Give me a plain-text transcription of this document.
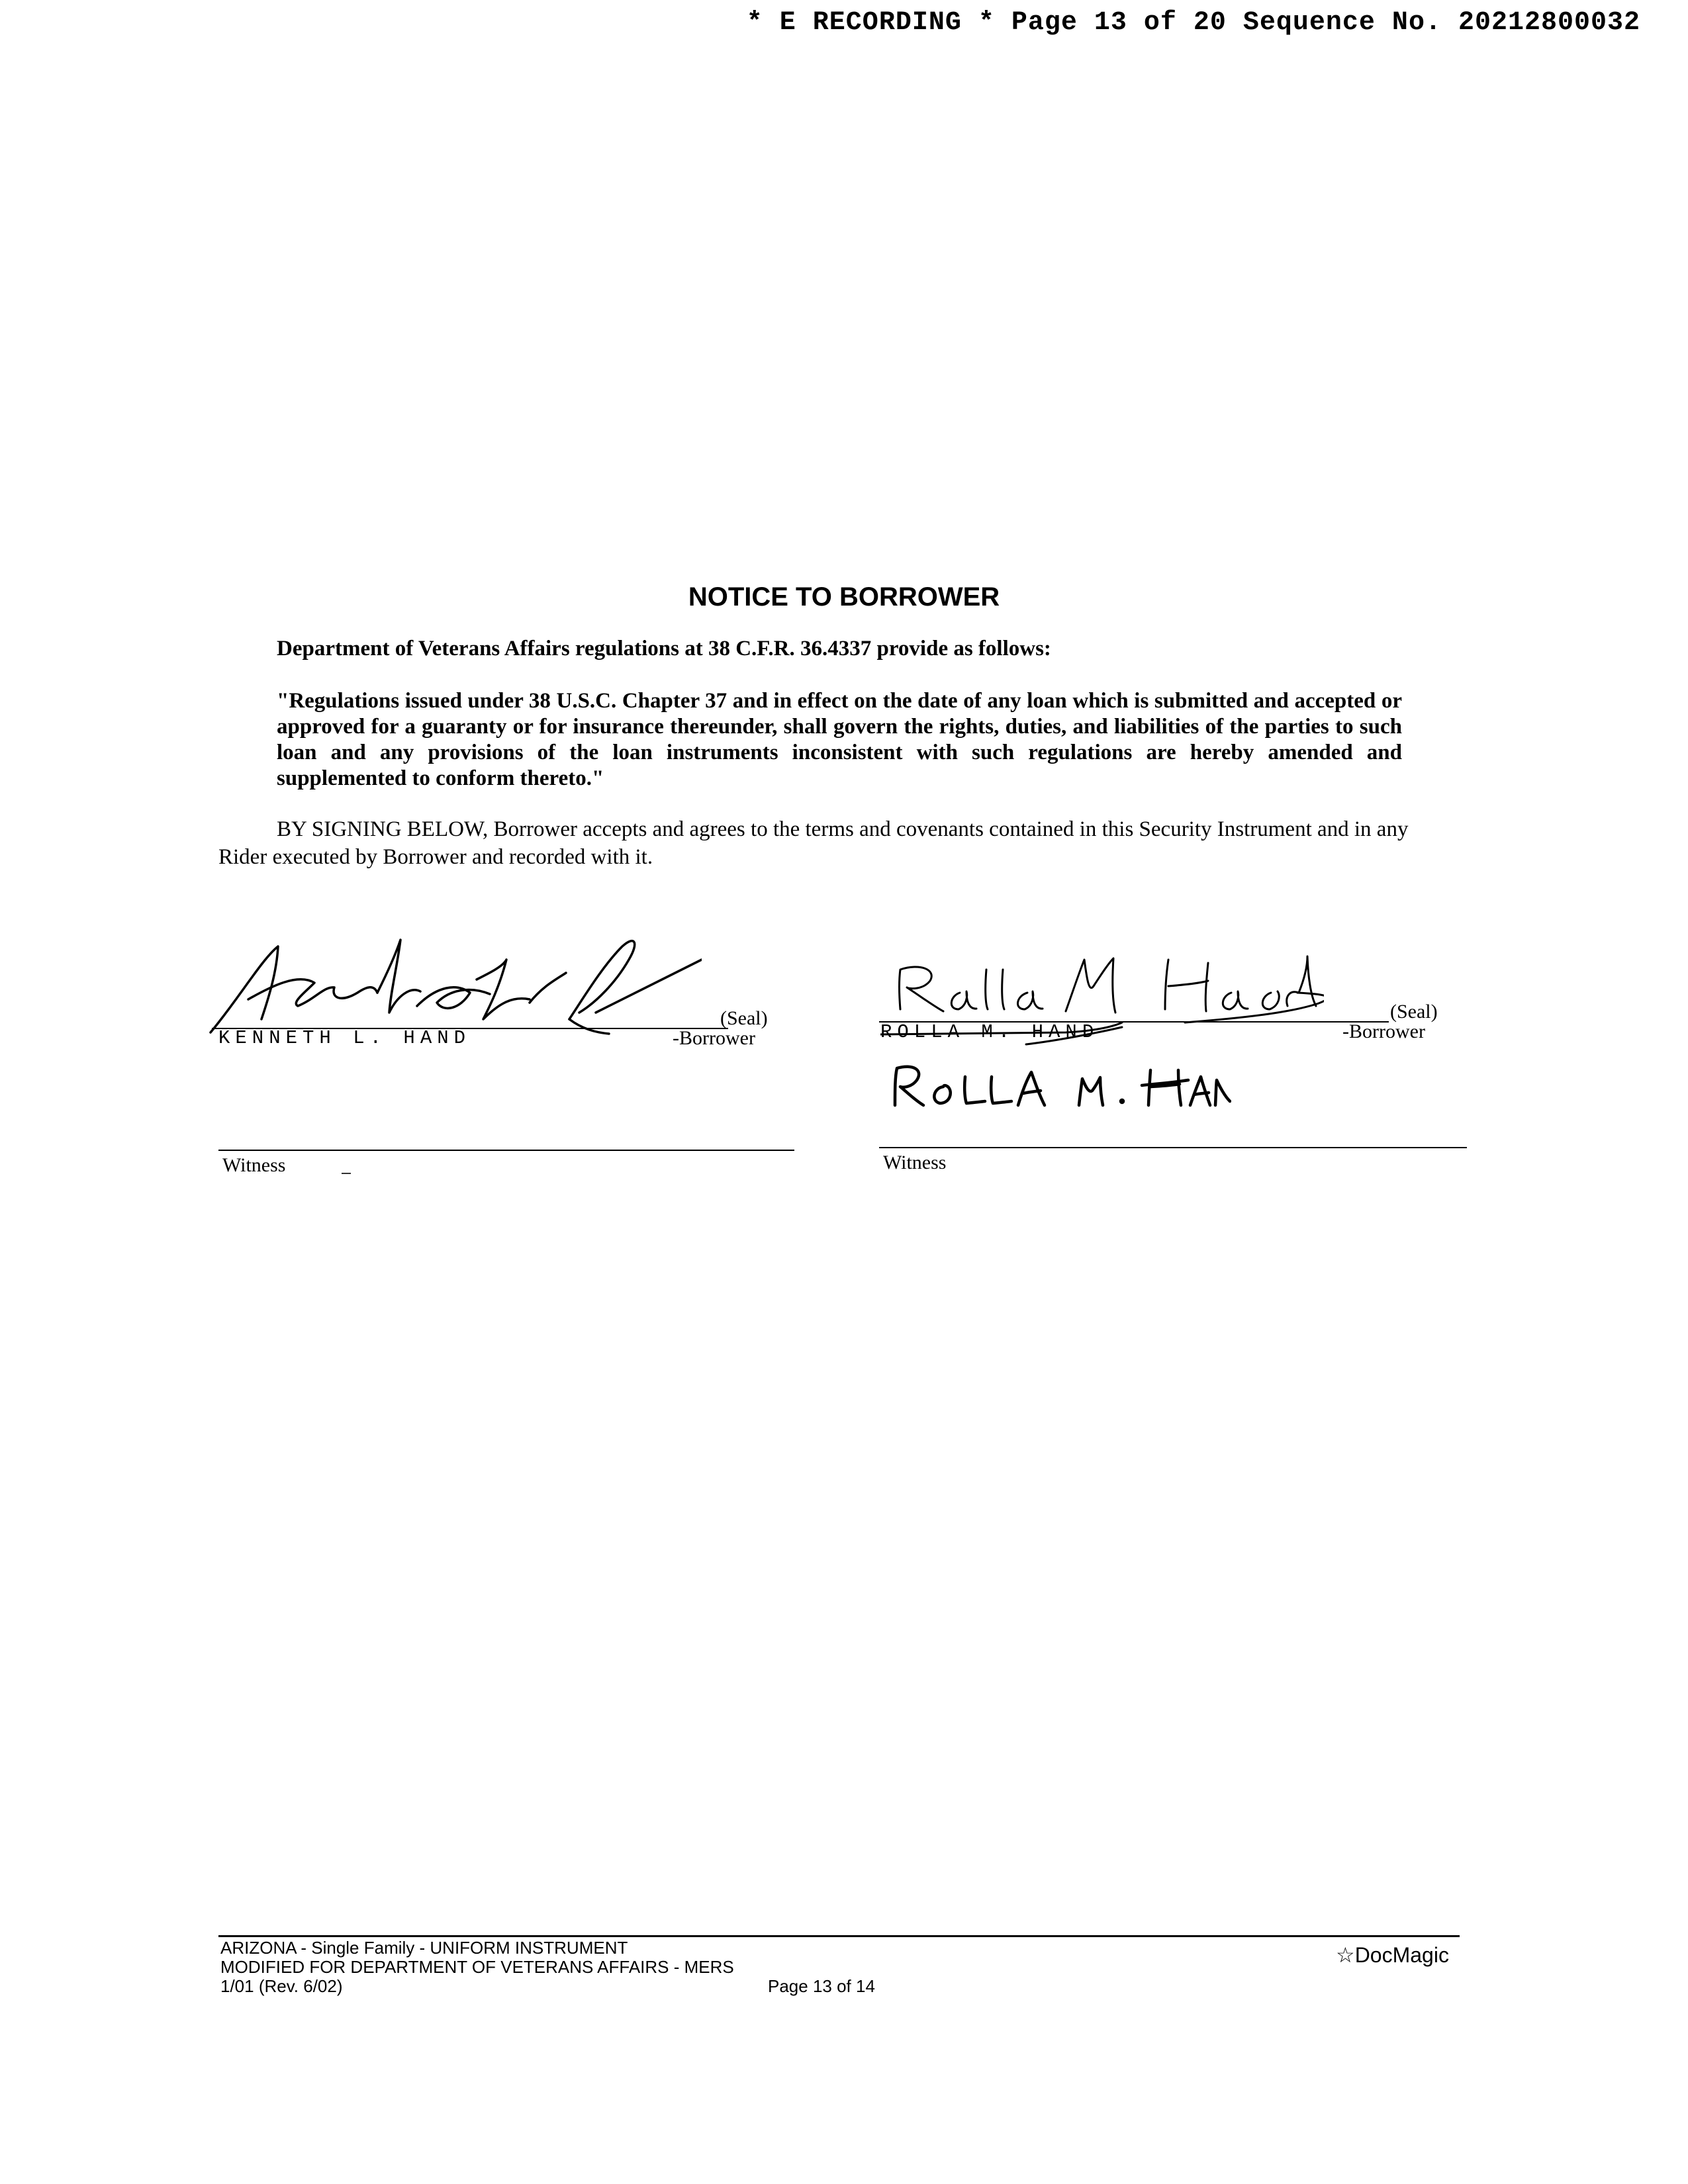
* E RECORDING * Page 13 of 20 Sequence No. 20212800032
NOTICE TO BORROWER
Department of Veterans Affairs regulations at 38 C.F.R. 36.4337 provide as follows:
"Regulations issued under 38 U.S.C. Chapter 37 and in effect on the date of any loan which is submitted and accepted or approved for a guaranty or for insurance thereunder, shall govern the rights, duties, and liabilities of the parties to such loan and any provisions of the loan instruments inconsistent with such regulations are hereby amended and supplemented to conform thereto."
BY SIGNING BELOW, Borrower accepts and agrees to the terms and covenants contained in this Security Instrument and in any Rider executed by Borrower and recorded with it.
(Seal)
KENNETH L. HAND	-Borrower
Witness
(Seal)
ROLLA M. HAND	-Borrower
Witness
ARIZONA - Single Family - UNIFORM INSTRUMENT
MODIFIED FOR DEPARTMENT OF VETERANS AFFAIRS - MERS
1/01 (Rev. 6/02)	Page 13 of 14
☆DocMagic
